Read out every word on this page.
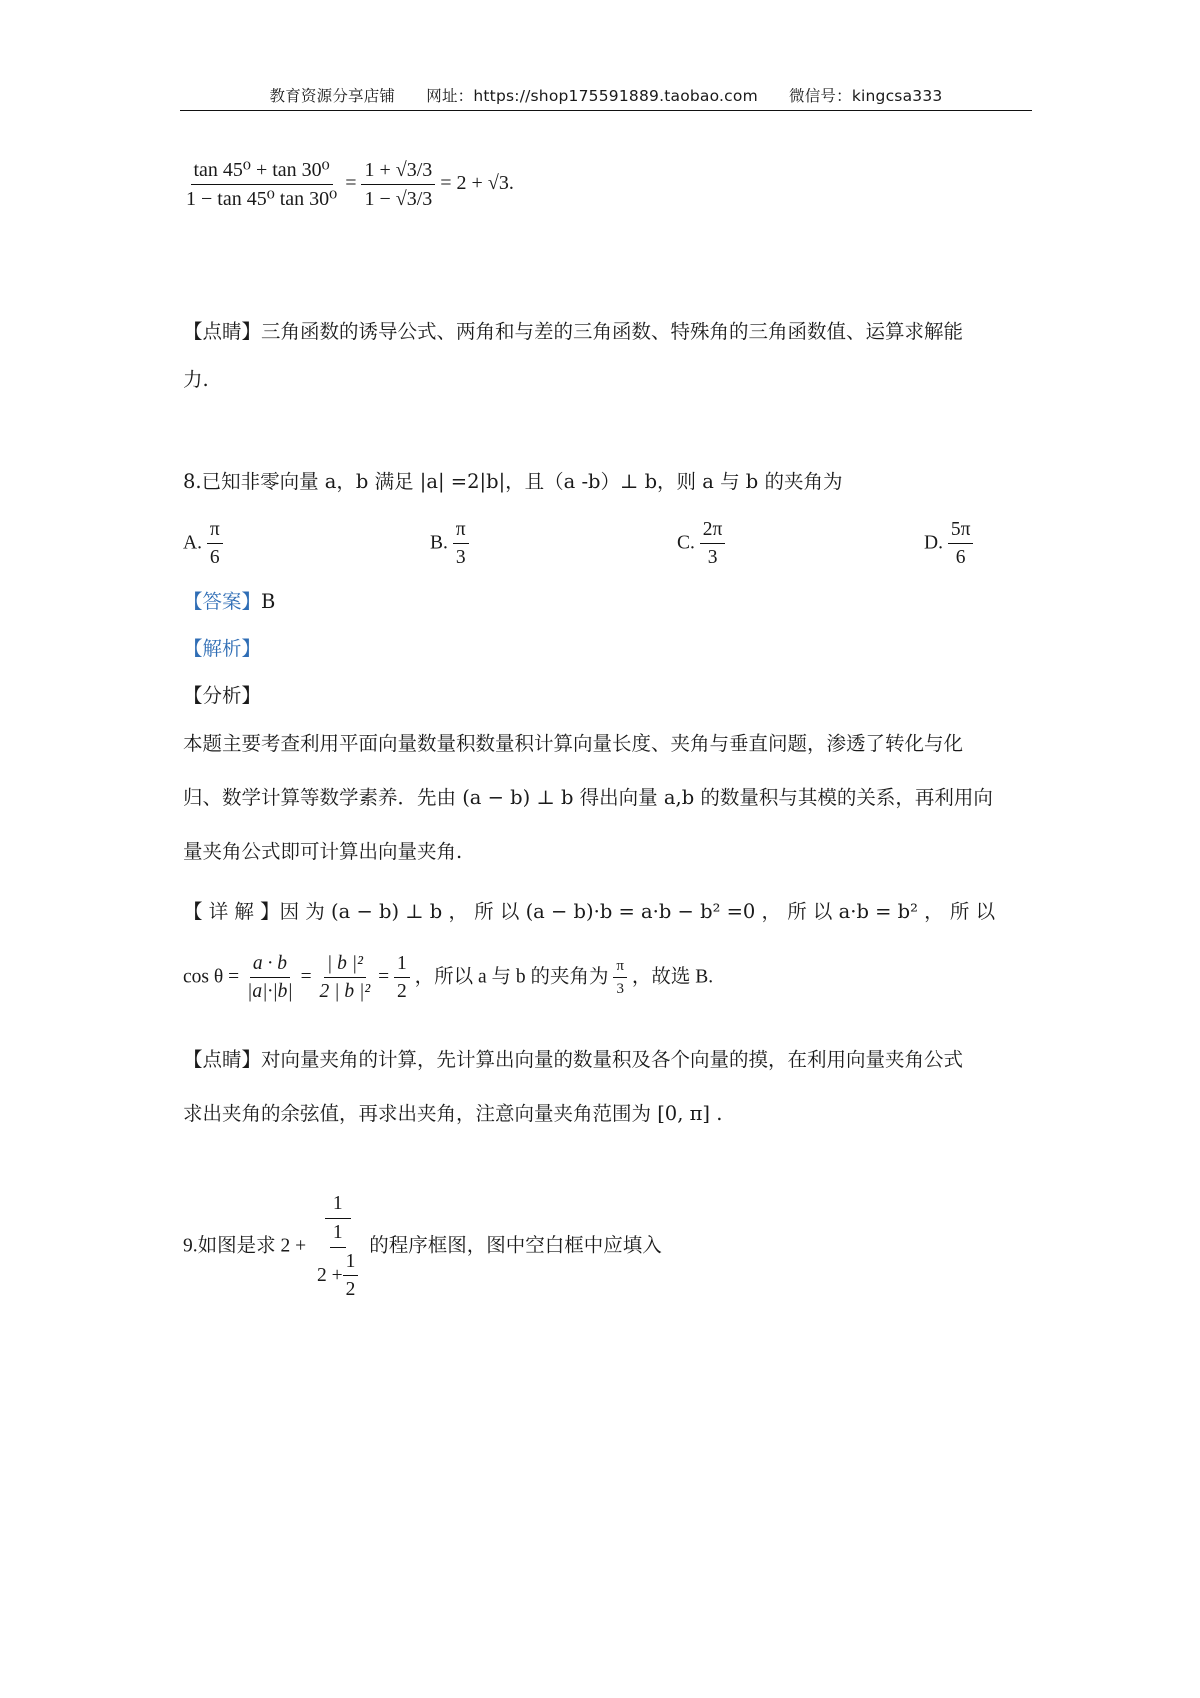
教育资源分享店铺 网址：https://shop175591889.taobao.com 微信号：kingcsa333
$\frac{\text{tan 45⁰ + tan 30⁰}}{\text{1 − tan 45⁰ tan 30⁰}} = \frac{1 + √3/3}{1 - √3/3} = 2 + √3$.
【点睛】三角函数的诱导公式、两角和与差的三角函数、特殊角的三角函数值、运算求解能
力.
8.已知非零向量 a，b 满足 |a| =2|b|，且（a -b）⊥ b，则 a 与 b 的夹角为
A. $\frac{\pi}{6}$	B. $\frac{\pi}{3}$	C. $\frac{2\pi}{3}$	D. $\frac{5\pi}{6}$
【答案】B
【解析】
【分析】
本题主要考查利用平面向量数量积数量积计算向量长度、夹角与垂直问题，渗透了转化与化
归、数学计算等数学素养．先由 (a − b) ⊥ b 得出向量 a,b 的数量积与其模的关系，再利用向
量夹角公式即可计算出向量夹角.
【 详 解 】因 为 (a − b) ⊥ b ， 所 以 (a − b)·b = a·b − b² =0 ， 所 以 a·b = b² ， 所 以
$\cos \theta = \frac{a \cdot b}{|a|\cdot|b|} = \frac{\text{| b |²}}{\text{2 | b |²}} = \frac{1}{2}$ ，所以 a 与 b 的夹角为 $\frac{\pi}{3}$ ，故选 B.
【点睛】对向量夹角的计算，先计算出向量的数量积及各个向量的摸，在利用向量夹角公式
求出夹角的余弦值，再求出夹角，注意向量夹角范围为 [0, π] .
9.如图是求 $2 + \frac{1}{\frac{1}{2 + \frac{1}{2}}}$ 的程序框图，图中空白框中应填入
